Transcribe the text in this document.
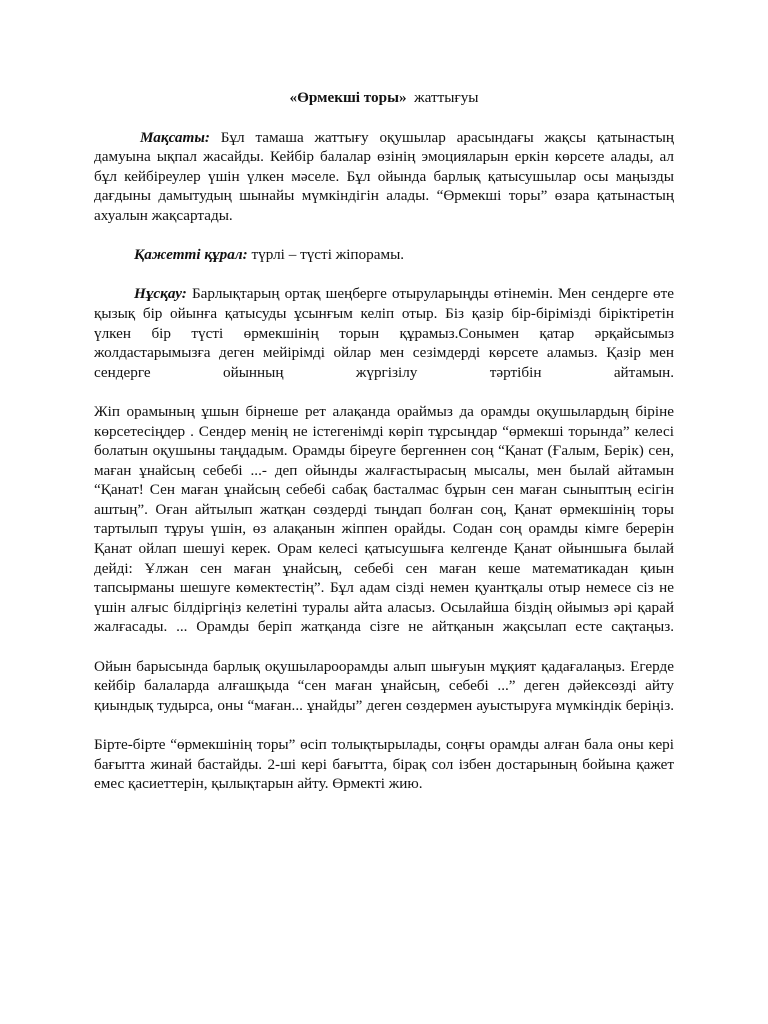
«Өрмекші торы»  жаттығуы

Мақсаты: Бұл тамаша жаттығу оқушылар арасындағы жақсы қатынастың дамуына ықпал жасайды. Кейбір балалар өзінің эмоцияларын еркін көрсете алады, ал бұл кейбіреулер үшін үлкен мәселе. Бұл ойында барлық қатысушылар осы маңызды дағдыны дамытудың шынайы мүмкіндігін алады. “Өрмекші торы” өзара қатынастың ахуалын жақсартады.

Қажетті құрал: түрлі – түсті жіпорамы.

Нұсқау: Барлықтарың ортақ шеңберге отыруларыңды өтінемін. Мен сендерге өте қызық бір ойынға қатысуды ұсынғым келіп отыр. Біз қазір бір-бірімізді біріктіретін үлкен бір түсті өрмекшінің торын құрамыз.Сонымен қатар әрқайсымыз жолдастарымызға деген мейірімді ойлар мен сезімдерді көрсете аламыз. Қазір мен сендерге ойынның жүргізілу тәртібін айтамын.

Жіп орамының ұшын бірнеше рет алақанда ораймыз да орамды оқушылардың біріне көрсетесіңдер . Сендер менің не істегенімді көріп тұрсыңдар “өрмекші торында” келесі болатын оқушыны таңдадым. Орамды біреуге бергеннен соң “Қанат (Ғалым, Берік) сен, маған ұнайсың себебі ...- деп ойынды жалғастырасың мысалы, мен былай айтамын “Қанат! Сен маған ұнайсың себебі сабақ басталмас бұрын сен маған сыныптың есігін аштың”. Оған айтылып жатқан сөздерді тыңдап болған соң, Қанат өрмекшінің торы тартылып тұруы үшін, өз алақанын жіппен орайды. Содан соң орамды кімге берерін Қанат ойлап шешуі керек. Орам келесі қатысушыға келгенде Қанат ойыншыға былай дейді: Ұлжан сен маған ұнайсың, себебі сен маған кеше математикадан қиын тапсырманы шешуге көмектестің”. Бұл адам сізді немен қуантқалы отыр немесе сіз не үшін алғыс білдіргіңіз келетіні туралы айта аласыз. Осылайша біздің ойымыз әрі қарай жалғасады. ... Орамды беріп жатқанда сізге не айтқанын жақсылап есте сақтаңыз.

Ойын барысында барлық оқушылароорамды алып шығуын мұқият қадағалаңыз. Егерде кейбір балаларда алғашқыда “сен маған ұнайсың, себебі ...” деген дәйексөзді айту қиындық тудырса, оны “маған... ұнайды” деген сөздермен ауыстыруға мүмкіндік беріңіз.

Біртe-бірте “өрмекшінің торы” өсіп толықтырылады, соңғы орамды алған бала оны кері бағытта жинай бастайды. 2-ші кері бағытта, бірақ сол ізбен достарының бойына қажет емес қасиеттерін, қылықтарын айту. Өрмекті жию.
